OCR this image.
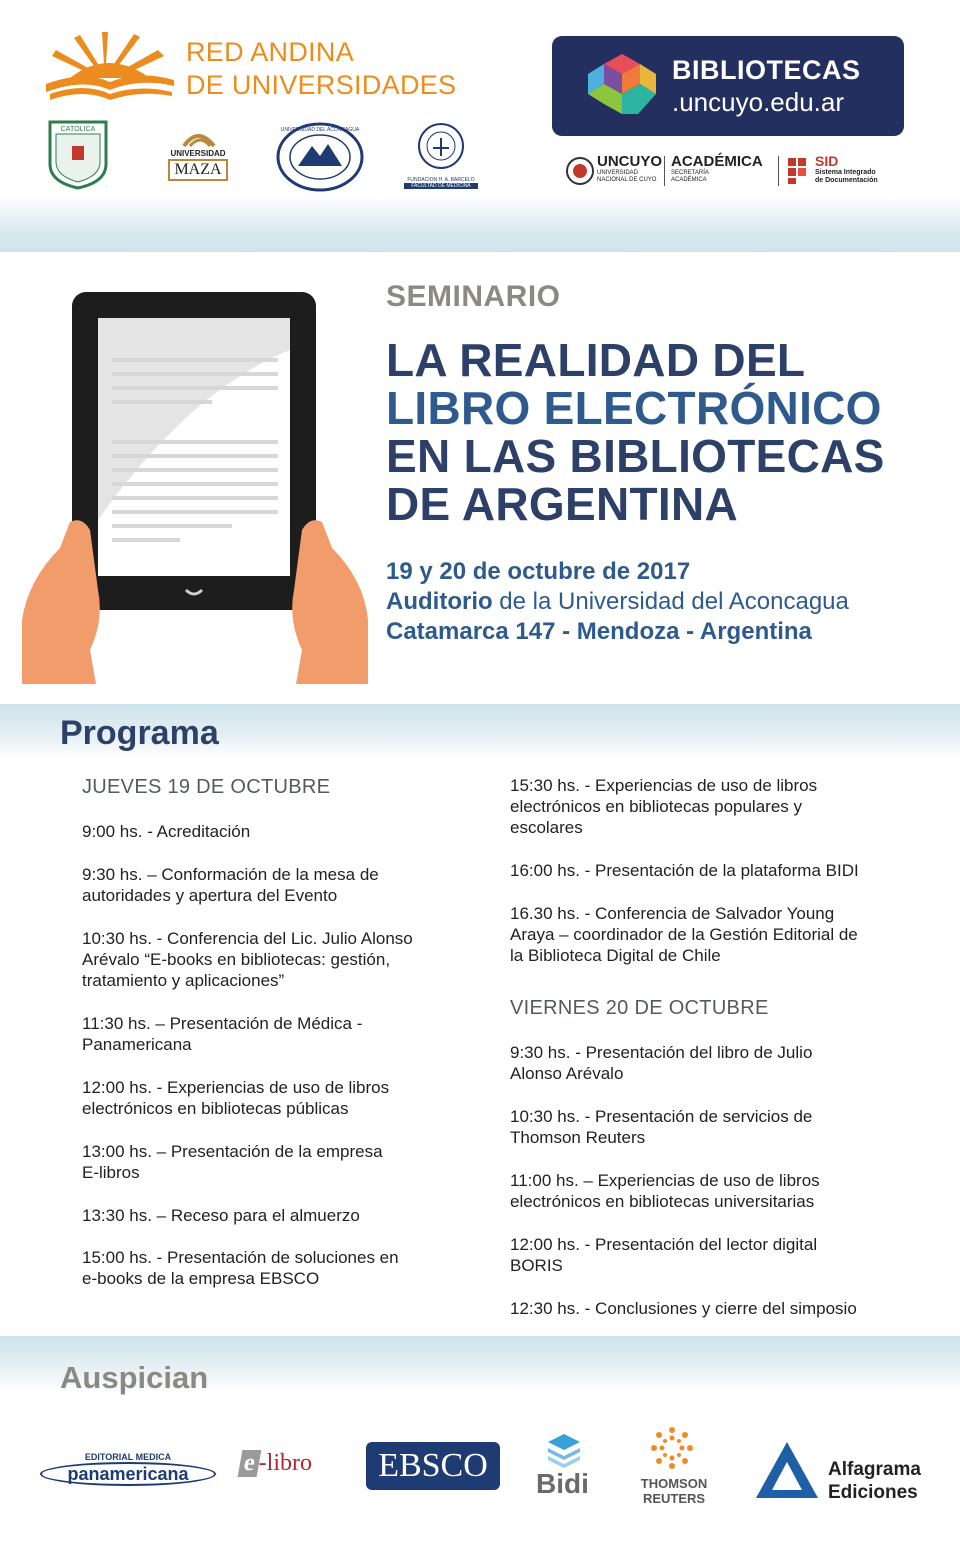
RED ANDINA
DE UNIVERSIDADES
CATÓLICA
UNIVERSIDAD
MAZA
UNIVERSIDAD DEL ACONCAGUA
FUNDACION H. A. BARCELO
FACULTAD DE MEDICINA
BIBLIOTECAS
.uncuyo.edu.ar
UNCUYO
UNIVERSIDAD
NACIONAL DE CUYO
ACADÉMICA
SECRETARÍA
ACADÉMICA
SID
Sistema Integrado
de Documentación
SEMINARIO
LA REALIDAD DEL
LIBRO ELECTRÓNICO
EN LAS BIBLIOTECAS
DE ARGENTINA
19 y 20 de octubre de 2017
Auditorio de la Universidad del Aconcagua
Catamarca 147 - Mendoza - Argentina
Programa
JUEVES 19 DE OCTUBRE
9:00 hs. - Acreditación
9:30 hs. – Conformación de la mesa de
autoridades y apertura del Evento
10:30 hs. - Conferencia del Lic. Julio Alonso
Arévalo “E-books en bibliotecas: gestión,
tratamiento y aplicaciones”
11:30 hs. – Presentación de Médica -
Panamericana
12:00 hs. - Experiencias de uso de libros
electrónicos en bibliotecas públicas
13:00 hs. – Presentación de la empresa
E-libros
13:30 hs. – Receso para el almuerzo
15:00 hs. - Presentación de soluciones en
e-books de la empresa EBSCO
15:30 hs. - Experiencias de uso de libros
electrónicos en bibliotecas populares y
escolares
16:00 hs. - Presentación de la plataforma BIDI
16.30 hs. - Conferencia de Salvador Young
Araya – coordinador de la Gestión Editorial de
la Biblioteca Digital de Chile
VIERNES 20 DE OCTUBRE
9:30 hs. - Presentación del libro de Julio
Alonso Arévalo
10:30 hs. - Presentación de servicios de
Thomson Reuters
11:00 hs. – Experiencias de uso de libros
electrónicos en bibliotecas universitarias
12:00 hs. - Presentación del lector digital
BORIS
12:30 hs. - Conclusiones y cierre del simposio
Auspician
EDITORIAL MEDICA
panamericana	e-libro	EBSCO	Bidi	THOMSON
REUTERS
Alfagrama
Ediciones
